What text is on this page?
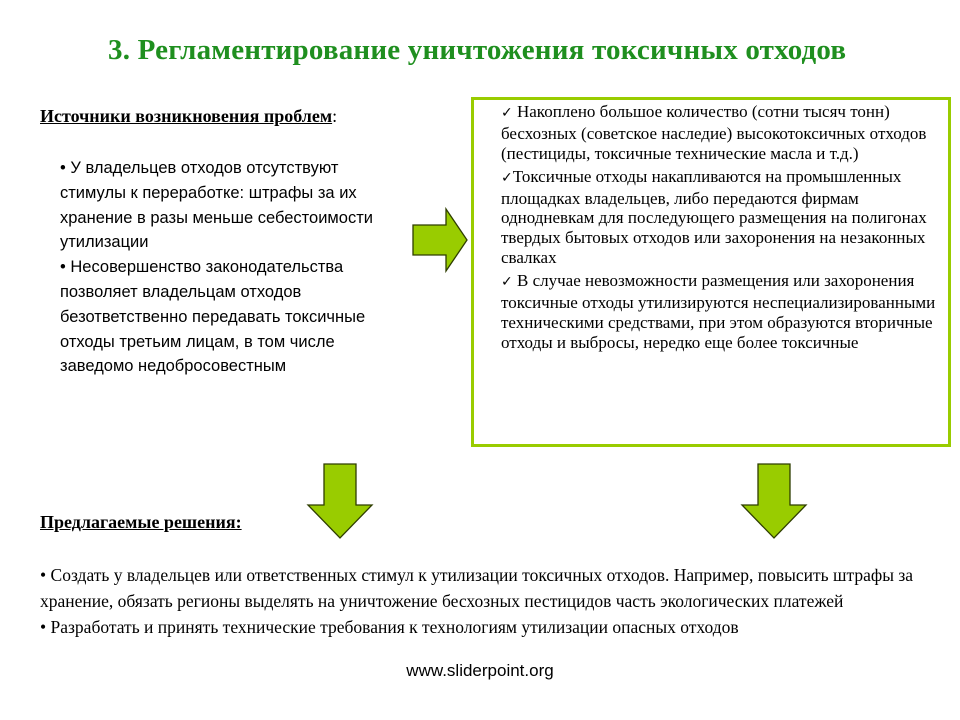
3. Регламентирование уничтожения токсичных отходов
Источники возникновения проблем:

• У владельцев отходов отсутствуют стимулы к переработке: штрафы за их хранение в разы меньше себестоимости утилизации

• Несовершенство законодательства позволяет владельцам отходов безответственно передавать токсичные отходы третьим лицам, в том числе заведомо недобросовестным

✓ Накоплено большое количество (сотни тысяч тонн) бесхозных (советское наследие) высокотоксичных отходов (пестициды, токсичные технические масла и т.д.)

✓Токсичные отходы накапливаются на промышленных площадках владельцев, либо передаются фирмам однодневкам для последующего размещения на полигонах твердых бытовых отходов или захоронения на незаконных свалках

✓ В случае невозможности размещения или захоронения токсичные отходы утилизируются неспециализированными техническими средствами, при этом образуются вторичные отходы и выбросы, нередко еще более токсичные

Предлагаемые решения:

• Создать у владельцев или ответственных стимул к утилизации токсичных отходов. Например, повысить штрафы за хранение, обязать регионы выделять на уничтожение бесхозных пестицидов часть экологических платежей

• Разработать и принять технические требования к технологиям утилизации опасных отходов

www.sliderpoint.org
